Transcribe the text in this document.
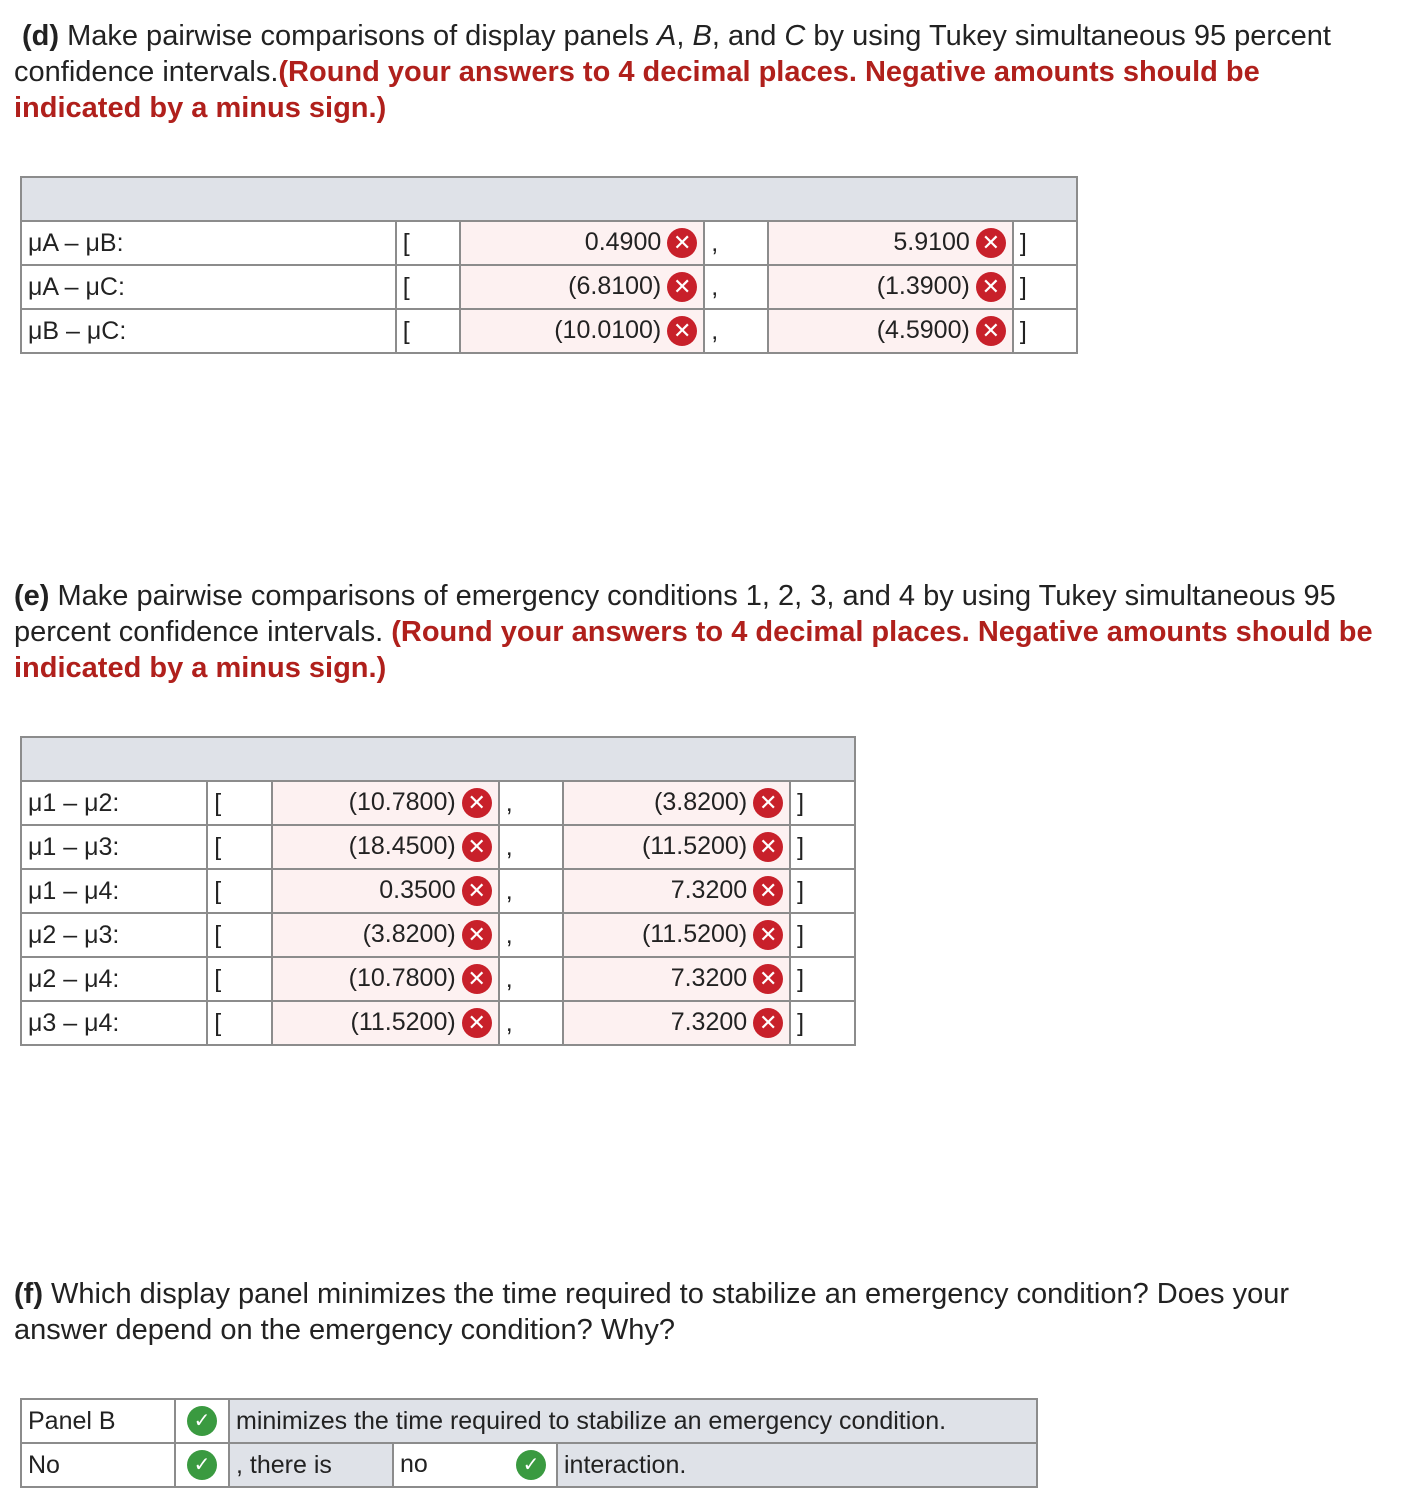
(d) Make pairwise comparisons of display panels A, B, and C by using Tukey simultaneous 95 percent confidence intervals.(Round your answers to 4 decimal places. Negative amounts should be indicated by a minus sign.)

μA – μB:	[	0.4900 ✕	,	5.9100 ✕	]
μA – μC:	[	(6.8100) ✕	,	(1.3900) ✕	]
μB – μC:	[	(10.0100) ✕	,	(4.5900) ✕	]
(e) Make pairwise comparisons of emergency conditions 1, 2, 3, and 4 by using Tukey simultaneous 95 percent confidence intervals. (Round your answers to 4 decimal places. Negative amounts should be indicated by a minus sign.)

μ1 – μ2:	[	(10.7800) ✕	,	(3.8200) ✕	]
μ1 – μ3:	[	(18.4500) ✕	,	(11.5200) ✕	]
μ1 – μ4:	[	0.3500 ✕	,	7.3200 ✕	]
μ2 – μ3:	[	(3.8200) ✕	,	(11.5200) ✕	]
μ2 – μ4:	[	(10.7800) ✕	,	7.3200 ✕	]
μ3 – μ4:	[	(11.5200) ✕	,	7.3200 ✕	]
(f) Which display panel minimizes the time required to stabilize an emergency condition? Does your answer depend on the emergency condition? Why?
Panel B	✓	minimizes the time required to stabilize an emergency condition.		
No	✓	, there is	no ✓	interaction.
